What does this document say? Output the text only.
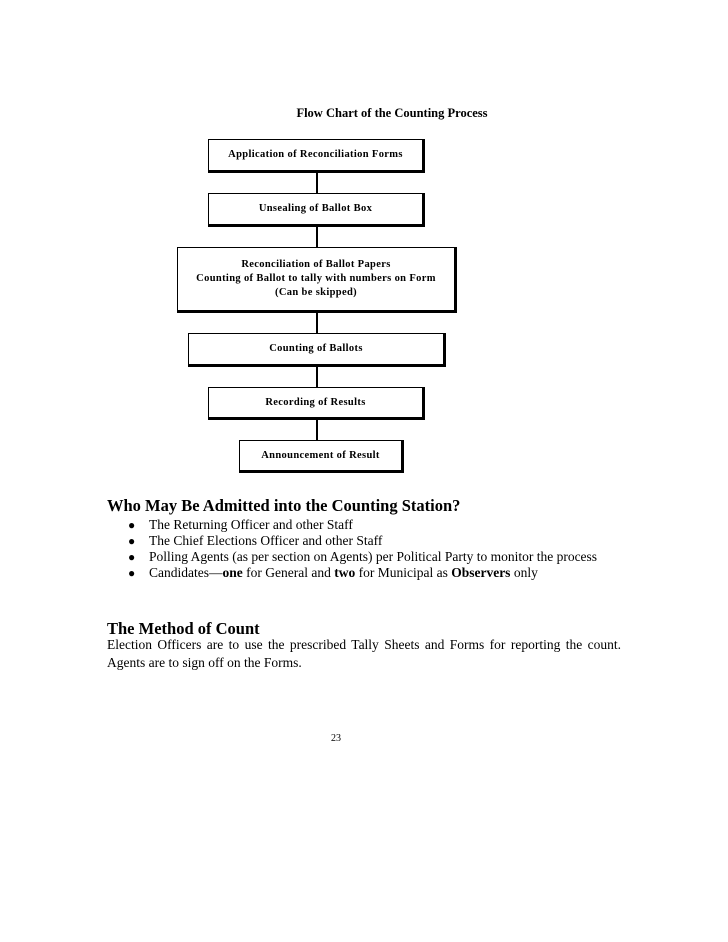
Flow Chart of the Counting Process
Application of Reconciliation Forms
Unsealing of Ballot Box
Reconciliation of Ballot Papers
Counting of Ballot to tally with numbers on Form
(Can be skipped)
Counting of Ballots
Recording of Results
Announcement of Result
Who May Be Admitted into the Counting Station?
● The Returning Officer and other Staff
● The Chief Elections Officer and other Staff
● Polling Agents (as per section on Agents) per Political Party to monitor the process
● Candidates—one for General and two for Municipal as Observers only
The Method of Count

Election Officers are to use the prescribed Tally Sheets and Forms for reporting the count. Agents are to sign off on the Forms.

23
